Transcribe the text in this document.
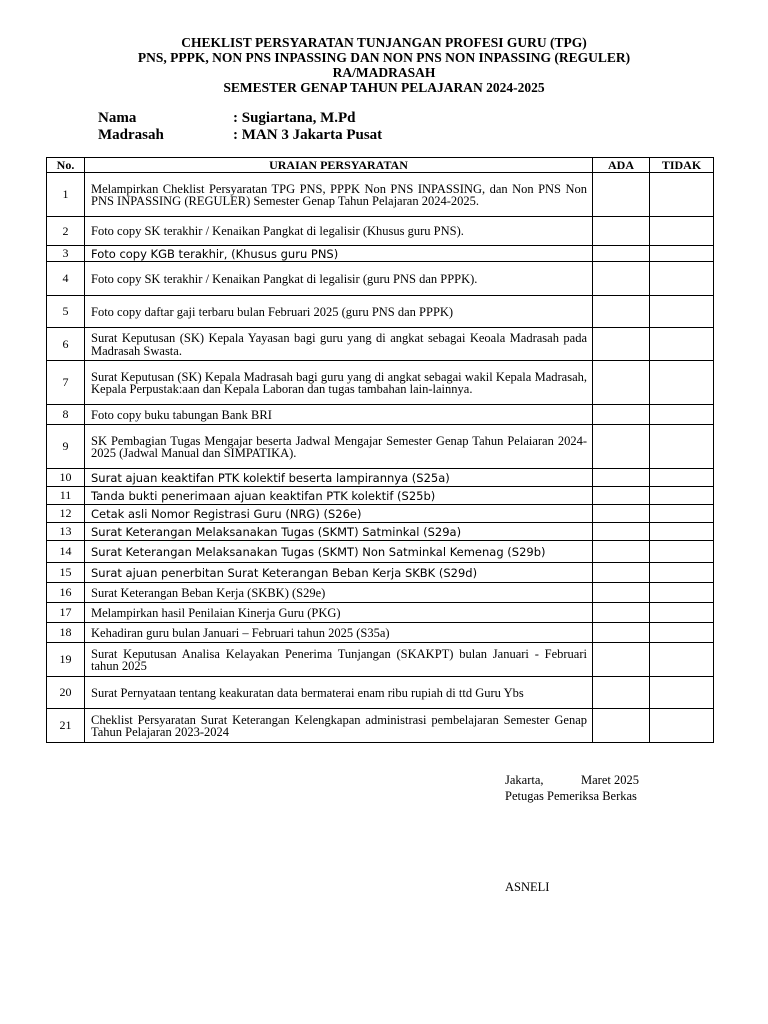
CHEKLIST PERSYARATAN TUNJANGAN PROFESI GURU (TPG)
PNS, PPPK, NON PNS INPASSING DAN NON PNS NON INPASSING (REGULER)
RA/MADRASAH
SEMESTER GENAP TAHUN PELAJARAN 2024-2025
Nama	: Sugiartana, M.Pd
Madrasah	: MAN 3 Jakarta Pusat
No.	URAIAN PERSYARATAN	ADA	TIDAK
1	Melampirkan Cheklist Persyaratan TPG PNS, PPPK Non PNS INPASSING, dan Non PNS Non PNS INPASSING (REGULER) Semester Genap Tahun Pelajaran 2024-2025.		
2	Foto copy SK terakhir / Kenaikan Pangkat di legalisir (Khusus guru PNS).		
3	Foto copy KGB terakhir, (Khusus guru PNS)		
4	Foto copy SK terakhir / Kenaikan Pangkat di legalisir (guru PNS dan PPPK).		
5	Foto copy daftar gaji terbaru bulan Februari 2025 (guru PNS dan PPPK)		
6	Surat Keputusan (SK) Kepala Yayasan bagi guru yang di angkat sebagai Keoala Madrasah pada Madrasah Swasta.		
7	Surat Keputusan (SK) Kepala Madrasah bagi guru yang di angkat sebagai wakil Kepala Madrasah, Kepala Perpustak:aan dan Kepala Laboran dan tugas tambahan lain-lainnya.		
8	Foto copy buku tabungan Bank BRI		
9	SK Pembagian Tugas Mengajar beserta Jadwal Mengajar Semester Genap Tahun Pelaiaran 2024-2025 (Jadwal Manual dan SIMPATIKA).		
10	Surat ajuan keaktifan PTK kolektif beserta lampirannya (S25a)		
11	Tanda bukti penerimaan ajuan keaktifan PTK kolektif (S25b)		
12	Cetak asli Nomor Registrasi Guru (NRG) (S26e)		
13	Surat Keterangan Melaksanakan Tugas (SKMT) Satminkal (S29a)		
14	Surat Keterangan Melaksanakan Tugas (SKMT) Non Satminkal Kemenag (S29b)		
15	Surat ajuan penerbitan Surat Keterangan Beban Kerja SKBK (S29d)		
16	Surat Keterangan Beban Kerja (SKBK) (S29e)		
17	Melampirkan hasil Penilaian Kinerja Guru (PKG)		
18	Kehadiran guru bulan Januari – Februari tahun 2025 (S35a)		
19	Surat Keputusan Analisa Kelayakan Penerima Tunjangan (SKAKPT) bulan Januari - Februari tahun 2025		
20	Surat Pernyataan tentang keakuratan data bermaterai enam ribu rupiah di ttd Guru Ybs		
21	Cheklist Persyaratan Surat Keterangan Kelengkapan administrasi pembelajaran Semester Genap Tahun Pelajaran 2023-2024		
Jakarta,            Maret 2025
Petugas Pemeriksa Berkas
ASNELI
